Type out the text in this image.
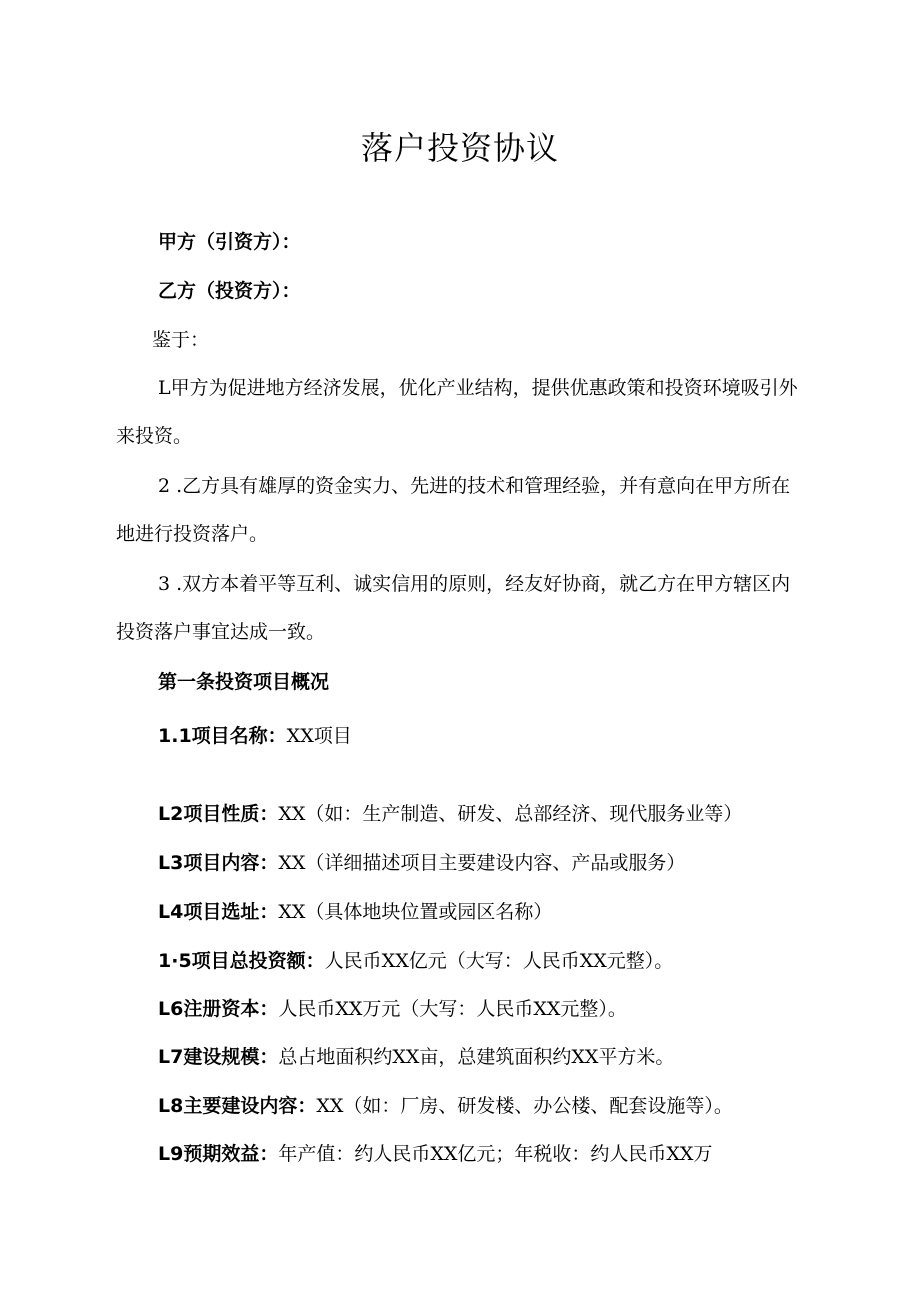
落户投资协议

甲方（引资方）：

乙方（投资方）：

鉴于：

L甲方为促进地方经济发展，优化产业结构，提供优惠政策和投资环境吸引外来投资。

2 .乙方具有雄厚的资金实力、先进的技术和管理经验，并有意向在甲方所在地进行投资落户。

3 .双方本着平等互利、诚实信用的原则，经友好协商，就乙方在甲方辖区内投资落户事宜达成一致。

第一条投资项目概况

1.1项目名称：XX项目

L2项目性质：XX（如：生产制造、研发、总部经济、现代服务业等）

L3项目内容：XX（详细描述项目主要建设内容、产品或服务）

L4项目选址：XX（具体地块位置或园区名称）

1·5项目总投资额：人民币XX亿元（大写：人民币XX元整）。

L6注册资本：人民币XX万元（大写：人民币XX元整）。

L7建设规模：总占地面积约XX亩，总建筑面积约XX平方米。

L8主要建设内容：XX（如：厂房、研发楼、办公楼、配套设施等）。

L9预期效益：年产值：约人民币XX亿元；年税收：约人民币XX万
